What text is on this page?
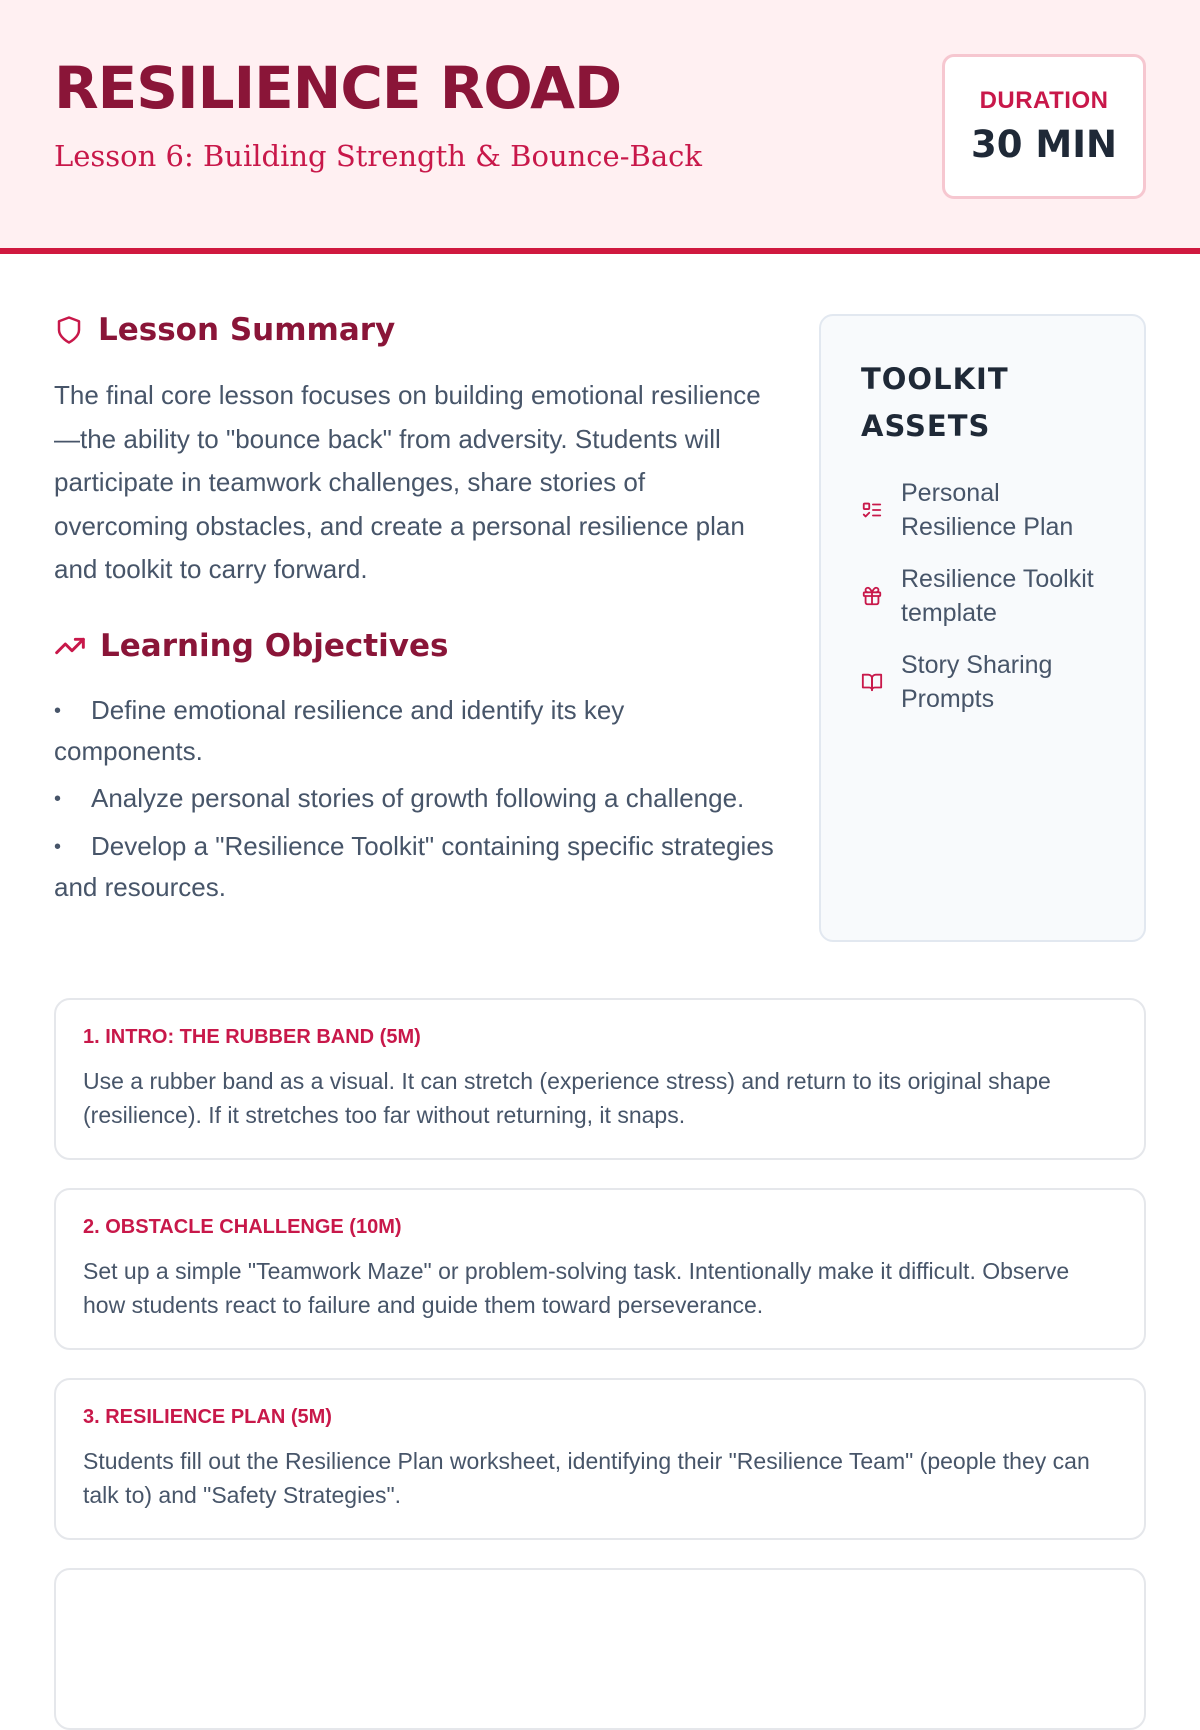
RESILIENCE ROAD
Lesson 6: Building Strength & Bounce-Back
DURATION
30 MIN
Lesson Summary

The final core lesson focuses on building emotional resilience—the ability to "bounce back" from adversity. Students will participate in teamwork challenges, share stories of overcoming obstacles, and create a personal resilience plan and toolkit to carry forward.

Learning Objectives
• Define emotional resilience and identify its key components.
• Analyze personal stories of growth following a challenge.
• Develop a "Resilience Toolkit" containing specific strategies and resources.
TOOLKIT ASSETS
Personal Resilience Plan
Resilience Toolkit template
Story Sharing Prompts
1. INTRO: THE RUBBER BAND (5M)
Use a rubber band as a visual. It can stretch (experience stress) and return to its original shape (resilience). If it stretches too far without returning, it snaps.
2. OBSTACLE CHALLENGE (10M)
Set up a simple "Teamwork Maze" or problem-solving task. Intentionally make it difficult. Observe how students react to failure and guide them toward perseverance.
3. RESILIENCE PLAN (5M)
Students fill out the Resilience Plan worksheet, identifying their "Resilience Team" (people they can talk to) and "Safety Strategies".
